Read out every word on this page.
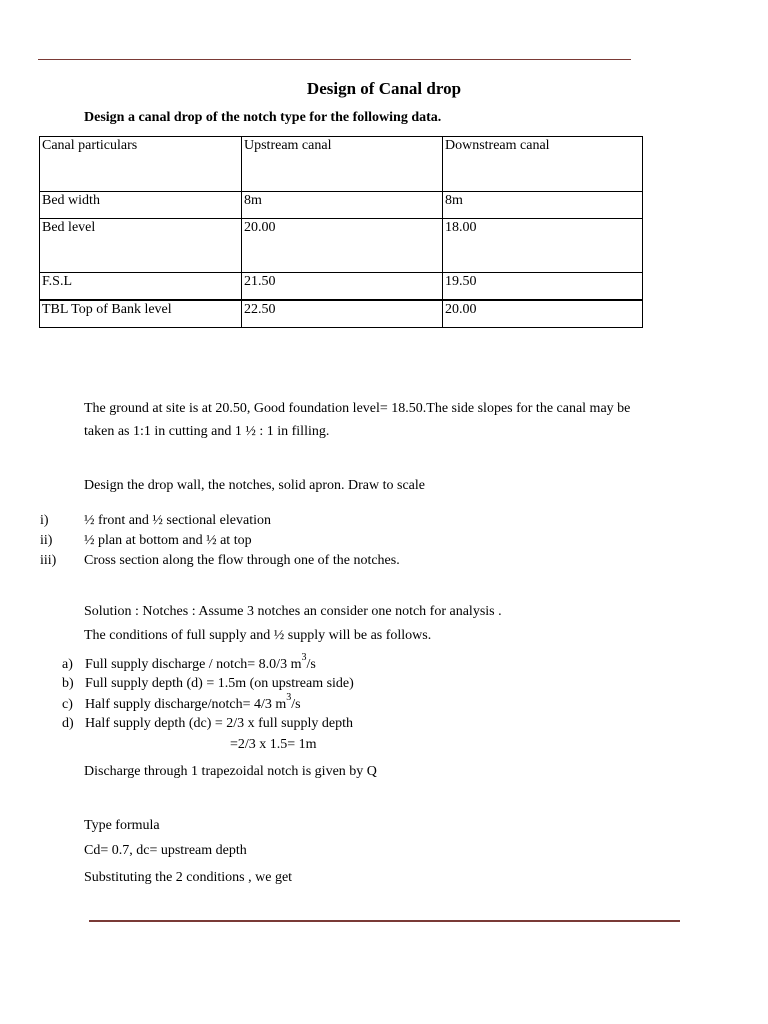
Design of Canal drop
Design a canal drop of the notch type for the following data.
Canal particulars	Upstream canal	Downstream canal
Bed width	8m	8m
Bed level	20.00	18.00
F.S.L	21.50	19.50
TBL Top of Bank level	22.50	20.00
The ground at site is at 20.50, Good foundation level= 18.50.The side slopes for the canal may be
taken as 1:1 in cutting and 1 ½ : 1 in filling.
Design the drop wall, the notches, solid apron. Draw to scale
i)	½ front and ½ sectional elevation
ii) ½ plan at bottom and ½ at top
iii) Cross section along the flow through one of the notches.
Solution : Notches : Assume 3 notches an consider one notch for analysis .
The conditions of full supply and ½ supply will be as follows.
a) Full supply discharge / notch= 8.0/3 $m^3/s$
b) Full supply depth (d) = 1.5m (on upstream side)
c) Half supply discharge/notch= 4/3 $m^3/s$
d) Half supply depth (dc) = 2/3 x full supply depth
=2/3 x 1.5= 1m
Discharge through 1 trapezoidal notch is given by Q
Type formula
Cd= 0.7, dc= upstream depth
Substituting the 2 conditions , we get
